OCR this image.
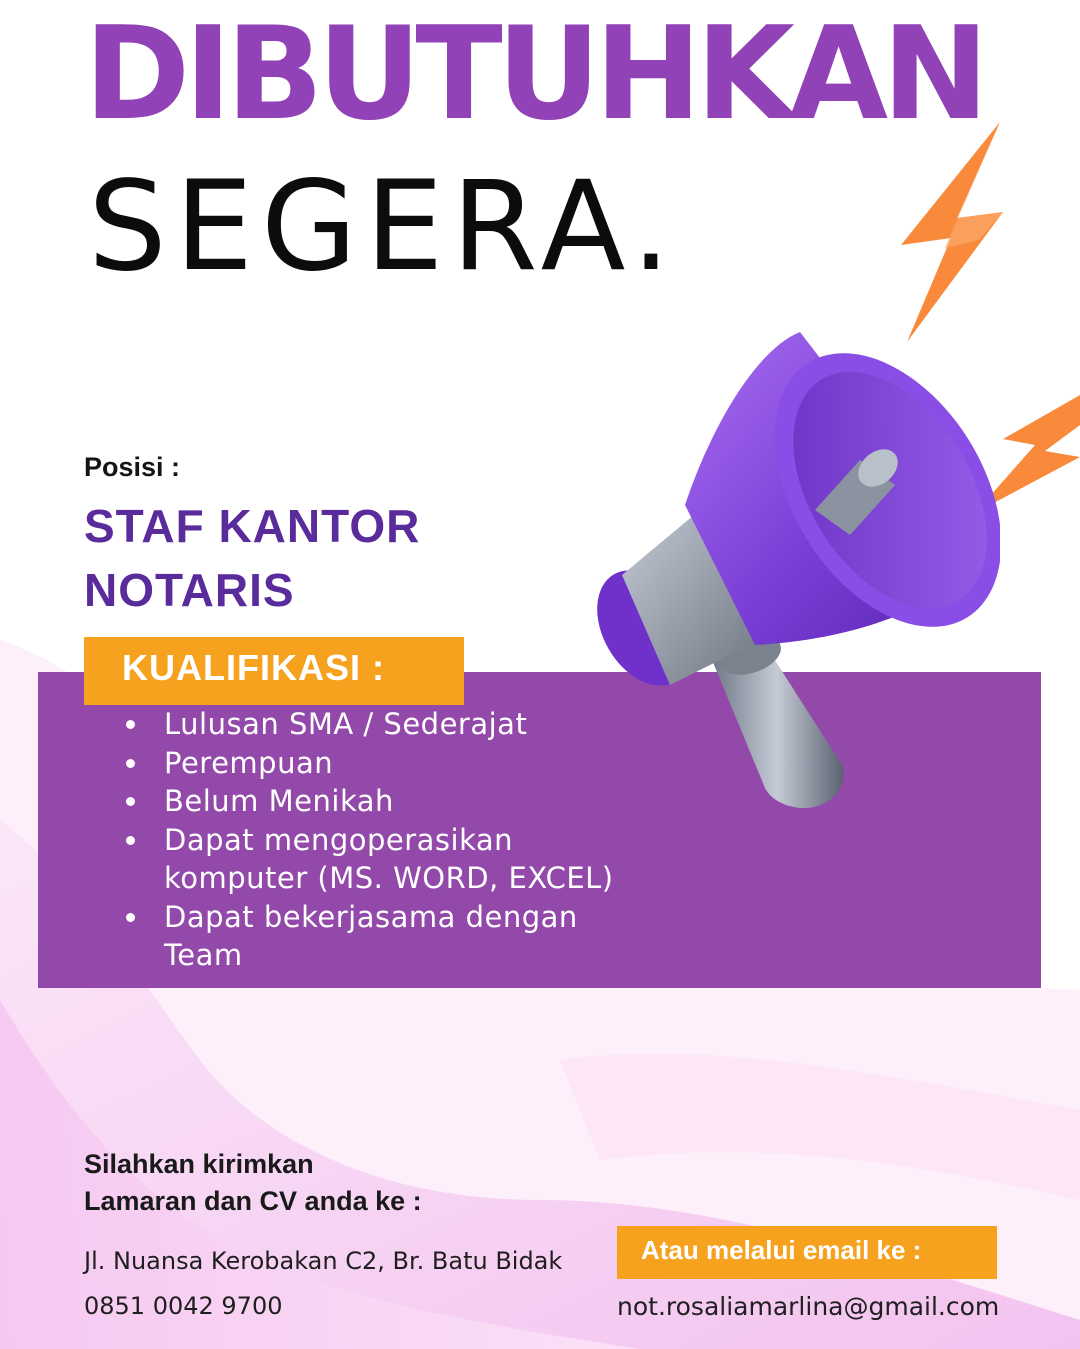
DIBUTUHKAN
SEGERA.
Posisi :
STAF KANTOR
NOTARIS
KUALIFIKASI :
Lulusan SMA / Sederajat
Perempuan
Belum Menikah
Dapat mengoperasikan komputer (MS. WORD, EXCEL)
Dapat bekerjasama dengan Team
Silahkan kirimkan
Lamaran dan CV anda ke :
Jl. Nuansa Kerobakan C2, Br. Batu Bidak
0851 0042 9700
Atau melalui email ke :
not.rosaliamarlina@gmail.com
